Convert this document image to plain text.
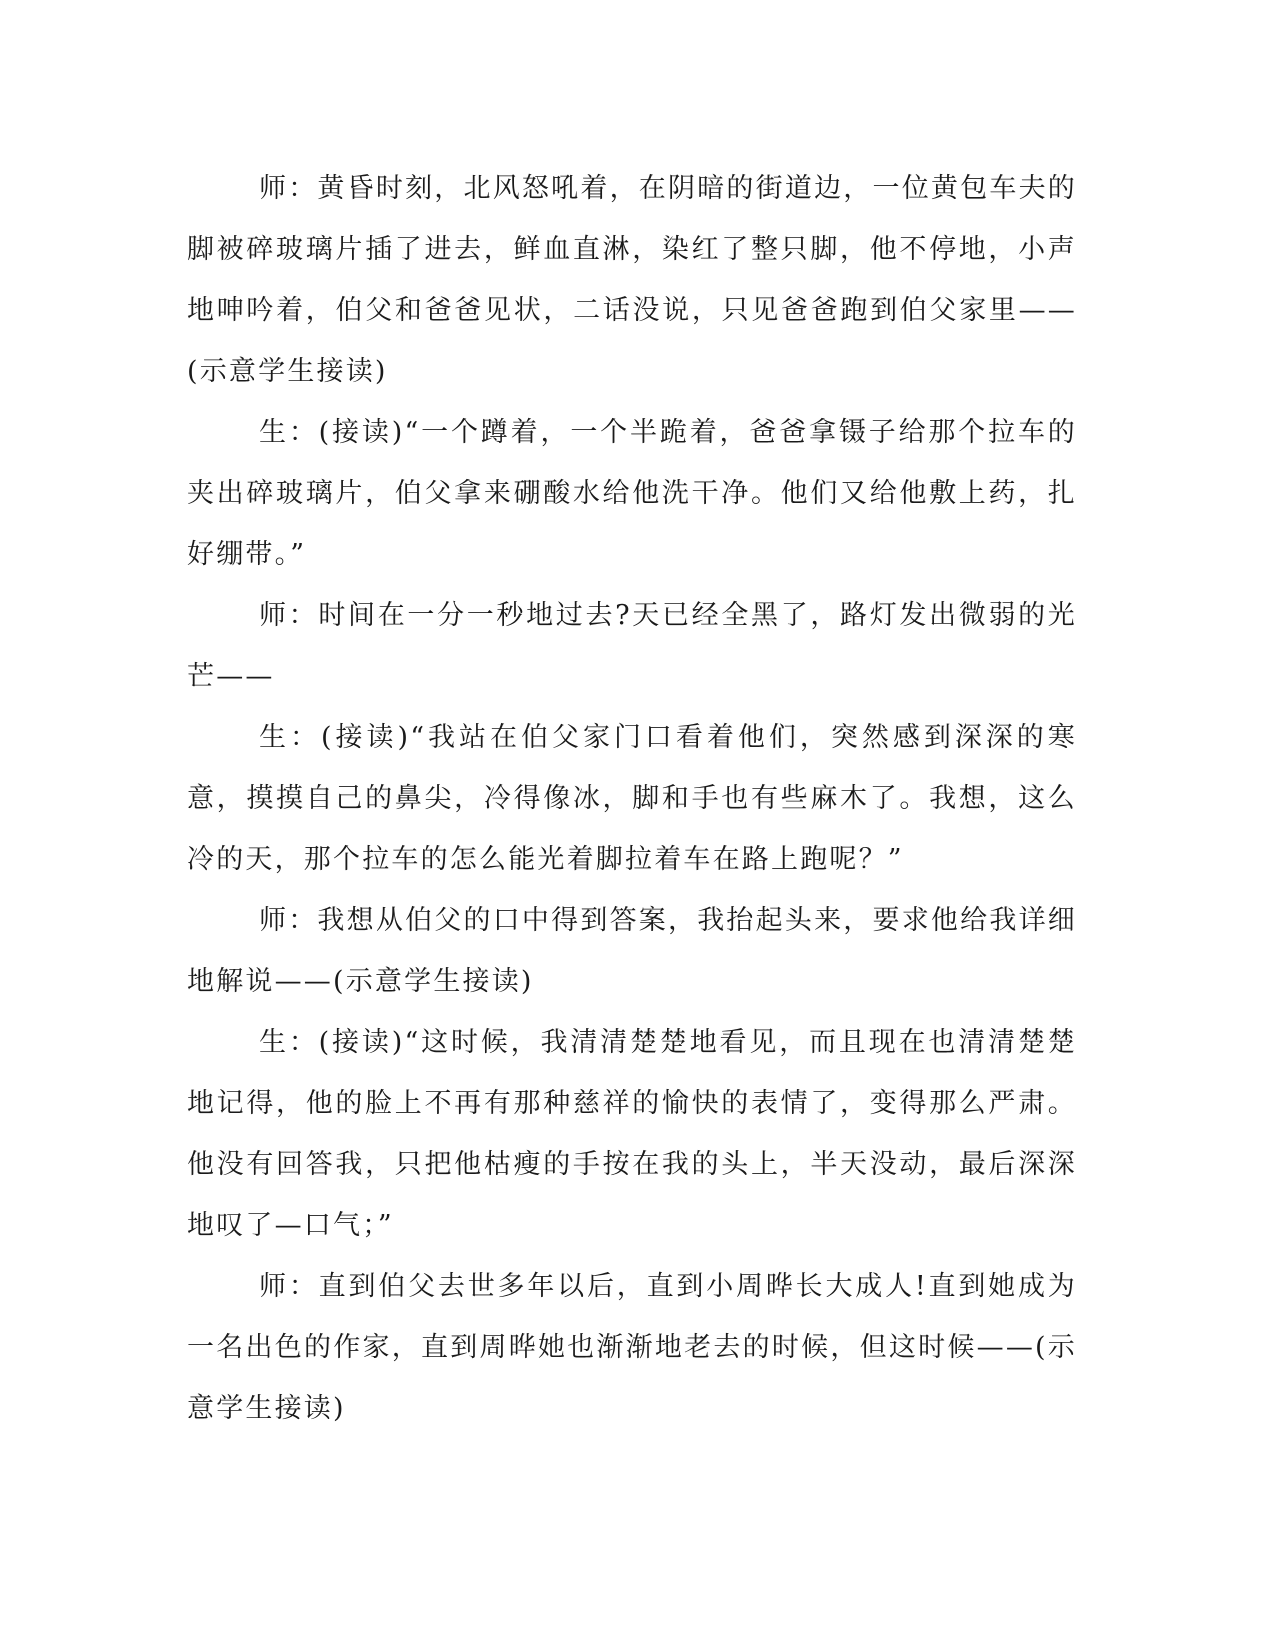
师：黄昏时刻，北风怒吼着，在阴暗的街道边，一位黄包车夫的脚被碎玻璃片插了进去，鲜血直淋，染红了整只脚，他不停地，小声地呻吟着，伯父和爸爸见状，二话没说，只见爸爸跑到伯父家里——(示意学生接读)

生：(接读)“一个蹲着，一个半跪着，爸爸拿镊子给那个拉车的夹出碎玻璃片，伯父拿来硼酸水给他洗干净。他们又给他敷上药，扎好绷带。”

师：时间在一分一秒地过去?天已经全黑了，路灯发出微弱的光芒——

生：(接读)“我站在伯父家门口看着他们，突然感到深深的寒意，摸摸自己的鼻尖，冷得像冰，脚和手也有些麻木了。我想，这么冷的天，那个拉车的怎么能光着脚拉着车在路上跑呢？”

师：我想从伯父的口中得到答案，我抬起头来，要求他给我详细地解说——(示意学生接读)

生：(接读)“这时候，我清清楚楚地看见，而且现在也清清楚楚地记得，他的脸上不再有那种慈祥的愉快的表情了，变得那么严肃。他没有回答我，只把他枯瘦的手按在我的头上，半天没动，最后深深地叹了—口气；”

师：直到伯父去世多年以后，直到小周晔长大成人!直到她成为一名出色的作家，直到周晔她也渐渐地老去的时候，但这时候——(示意学生接读)
